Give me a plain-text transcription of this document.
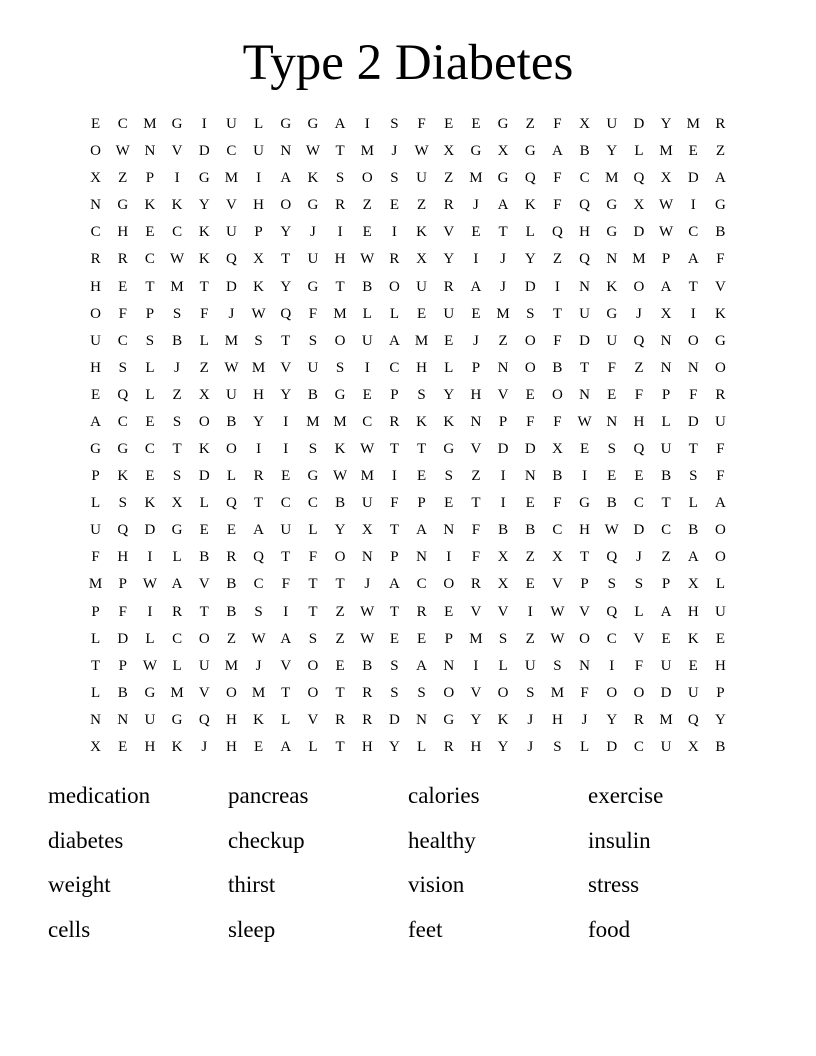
Type 2 Diabetes
E	C	M	G	I	U	L	G	G	A	I	S	F	E	E	G	Z	F	X	U	D	Y	M	R
O W N	V	D	C	U	N W	T	M	J	W X	G	X	G	A	B	Y	L	M	E	Z
X	Z	P	I	G	M	I	A	K	S	O	S	U	Z	M	G	Q	F	C	M	Q	X	D	A
N	G	K	K	Y	V	H	O	G	R	Z	E	Z	R	J	A	K	F	Q	G	X W	I	G
C	H	E	C	K	U	P	Y	J	I	E	I	K	V	E	T	L	Q	H	G	D W	C	B
R	R	C	W K	Q	X	T	U	H W	R	X	Y	I	J	Y	Z	Q	N	M	P	A	F
H	E	T	M	T	D	K	Y	G	T	B	O	U	R	A	J	D	I	N	K	O	A	T	V
O	F	P	S	F	J	W Q	F	M	L	L	E	U	E	M	S	T	U	G	J	X	I	K
U	C	S	B	L	M	S	T	S	O	U	A	M	E	J	Z	O	F	D	U	Q	N	O	G
H	S	L	J	Z	W M	V	U	S	I	C	H	L	P	N	O	B	T	F	Z	N	N	O
E	Q	L	Z	X	U	H	Y	B	G	E	P	S	Y	H	V	E	O	N	E	F	P	F	R
A	C	E	S	O	B	Y	I	M M	C	R	K	K	N	P	F	F	W N	H	L	D	U
G	G	C	T	K	O	I	I	S	K W	T	T	G	V	D	D	X	E	S	Q	U	T	F
P	K	E	S	D	L	R	E	G W M	I	E	S	Z	I	N	B	I	E	E	B	S	F
L	S	K	X	L	Q	T	C	C	B	U	F	P	E	T	I	E	F	G	B	C	T	L	A
U	Q	D	G	E	E	A	U	L	Y	X	T	A	N	F	B	B	C	H W D	C	B	O
F	H	I	L	B	R	Q	T	F	O	N	P	N	I	F	X	Z	X	T	Q	J	Z	A	O
M	P	W A	V	B	C	F	T	T	J	A	C	O	R	X	E	V	P	S	S	P	X	L
P	F	I	R	T	B	S	I	T	Z	W	T	R	E	V	V	I	W V	Q	L	A	H	U
L	D	L	C	O	Z	W A	S	Z	W	E	E	P	M	S	Z	W O	C	V	E	K	E
T	P	W	L	U	M	J	V	O	E	B	S	A	N	I	L	U	S	N	I	F	U	E	H
L	B	G	M	V	O	M	T	O	T	R	S	S	O	V	O	S	M	F	O	O	D	U	P
N	N	U	G	Q	H	K	L	V	R	R	D	N	G	Y	K	J	H	J	Y	R	M	Q	Y
X	E	H	K	J	H	E	A	L	T	H	Y	L	R	H	Y	J	S	L	D	C	U	X	B
medication	pancreas	calories	exercise
diabetes	checkup	healthy	insulin
weight	thirst	vision	stress
cells	sleep	feet	food
